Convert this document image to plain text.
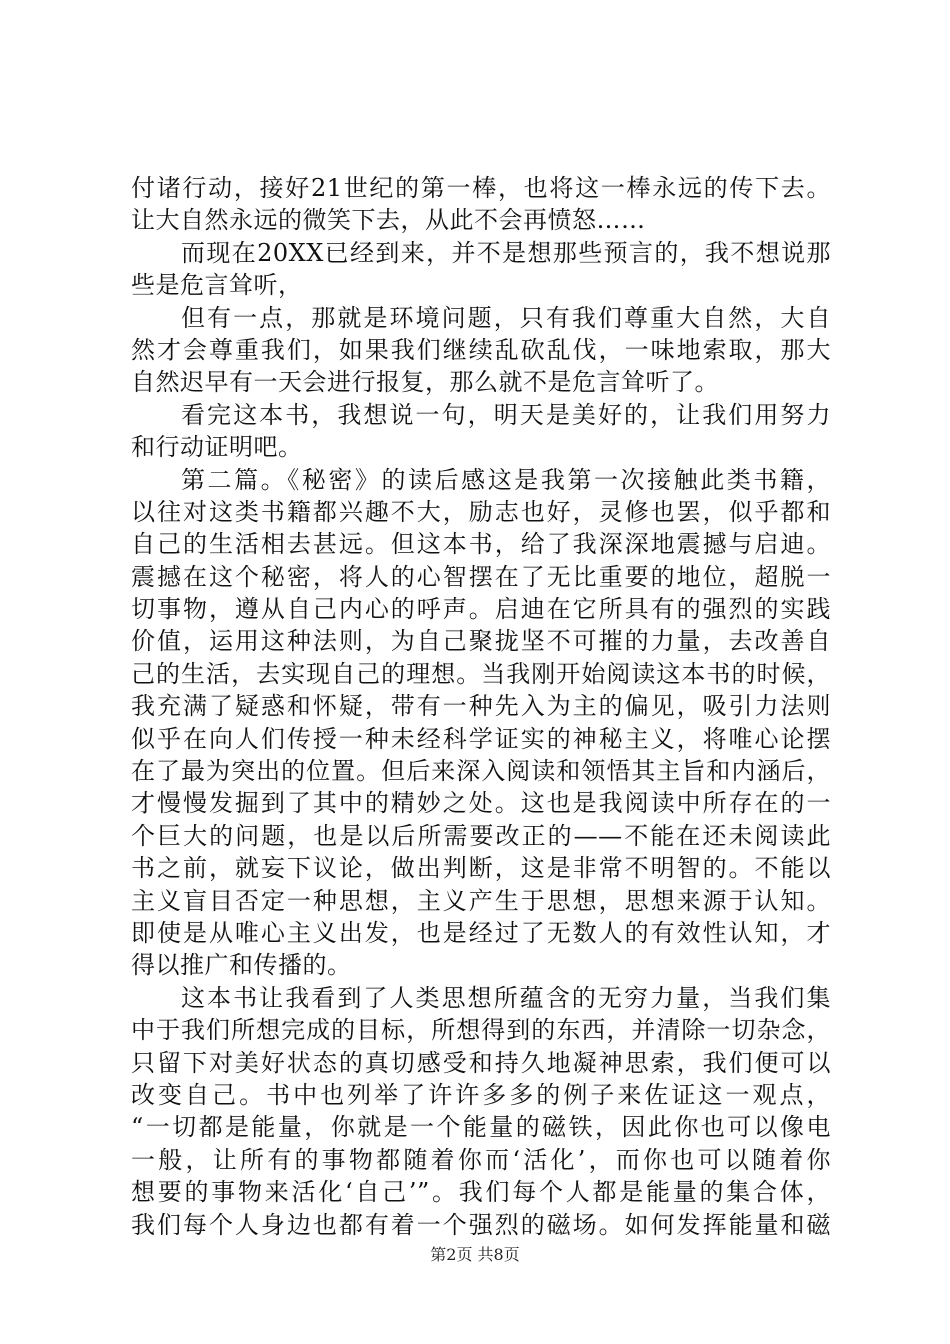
付诸行动，接好21世纪的第一棒，也将这一棒永远的传下去。
让大自然永远的微笑下去，从此不会再愤怒……
而现在20XX已经到来，并不是想那些预言的，我不想说那
些是危言耸听，
但有一点，那就是环境问题，只有我们尊重大自然，大自
然才会尊重我们，如果我们继续乱砍乱伐，一味地索取，那大
自然迟早有一天会进行报复，那么就不是危言耸听了。
看完这本书，我想说一句，明天是美好的，让我们用努力
和行动证明吧。
第二篇。《秘密》的读后感这是我第一次接触此类书籍，
以往对这类书籍都兴趣不大，励志也好，灵修也罢，似乎都和
自己的生活相去甚远。但这本书，给了我深深地震撼与启迪。
震撼在这个秘密，将人的心智摆在了无比重要的地位，超脱一
切事物，遵从自己内心的呼声。启迪在它所具有的强烈的实践
价值，运用这种法则，为自己聚拢坚不可摧的力量，去改善自
己的生活，去实现自己的理想。当我刚开始阅读这本书的时候，
我充满了疑惑和怀疑，带有一种先入为主的偏见，吸引力法则
似乎在向人们传授一种未经科学证实的神秘主义，将唯心论摆
在了最为突出的位置。但后来深入阅读和领悟其主旨和内涵后，
才慢慢发掘到了其中的精妙之处。这也是我阅读中所存在的一
个巨大的问题，也是以后所需要改正的——不能在还未阅读此
书之前，就妄下议论，做出判断，这是非常不明智的。不能以
主义盲目否定一种思想，主义产生于思想，思想来源于认知。
即使是从唯心主义出发，也是经过了无数人的有效性认知，才
得以推广和传播的。
这本书让我看到了人类思想所蕴含的无穷力量，当我们集
中于我们所想完成的目标，所想得到的东西，并清除一切杂念，
只留下对美好状态的真切感受和持久地凝神思索，我们便可以
改变自己。书中也列举了许许多多的例子来佐证这一观点，
“一切都是能量，你就是一个能量的磁铁，因此你也可以像电
一般，让所有的事物都随着你而‘活化’，而你也可以随着你
想要的事物来活化‘自己’”。我们每个人都是能量的集合体，
我们每个人身边也都有着一个强烈的磁场。如何发挥能量和磁
第2页 共8页
